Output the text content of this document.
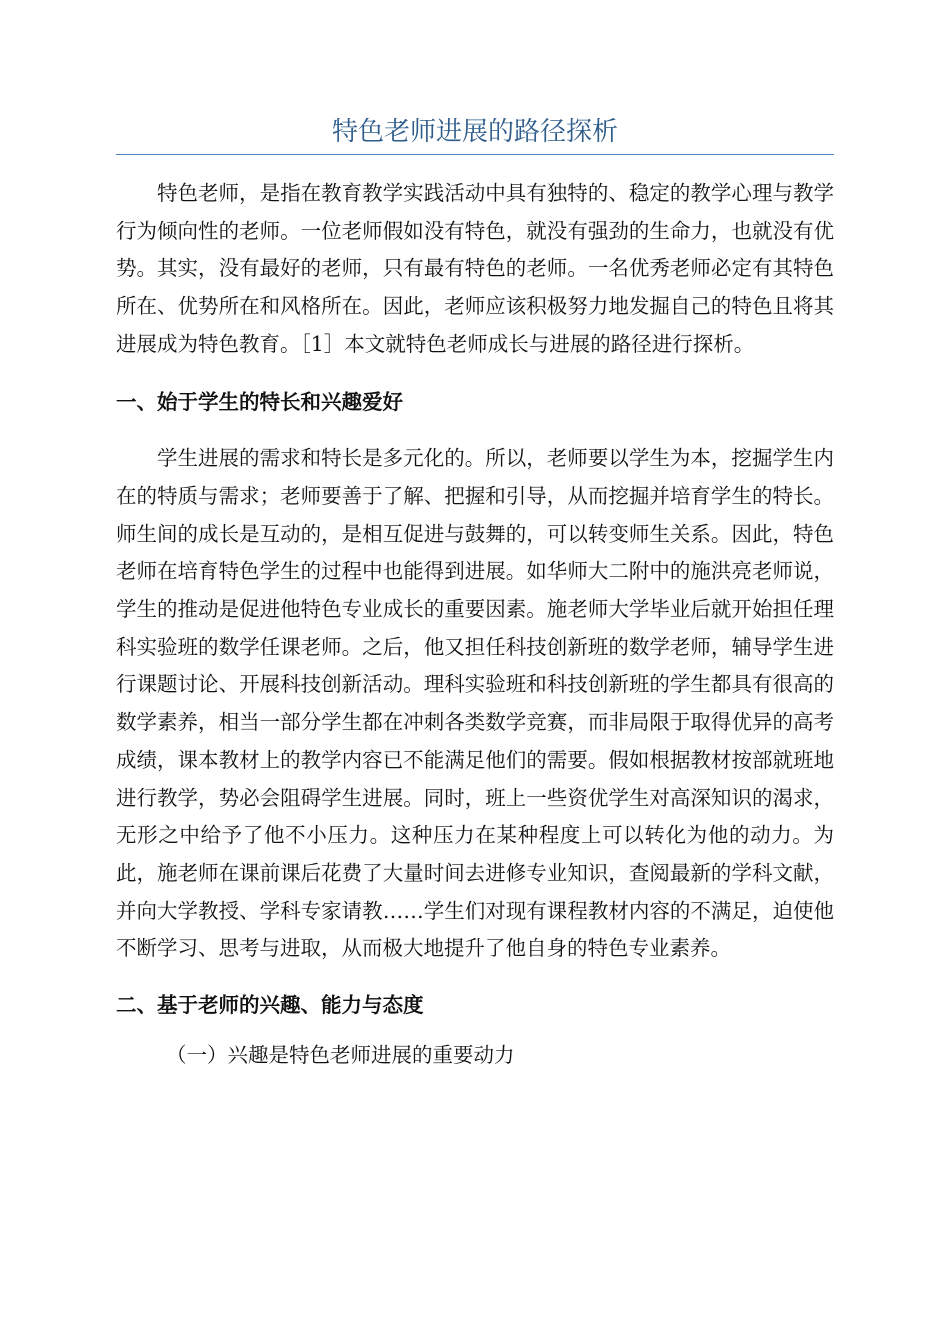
特色老师进展的路径探析

特色老师，是指在教育教学实践活动中具有独特的、稳定的教学心理与教学行为倾向性的老师。一位老师假如没有特色，就没有强劲的生命力，也就没有优势。其实，没有最好的老师，只有最有特色的老师。一名优秀老师必定有其特色所在、优势所在和风格所在。因此，老师应该积极努力地发掘自己的特色且将其进展成为特色教育。［1］本文就特色老师成长与进展的路径进行探析。

一、始于学生的特长和兴趣爱好

学生进展的需求和特长是多元化的。所以，老师要以学生为本，挖掘学生内在的特质与需求；老师要善于了解、把握和引导，从而挖掘并培育学生的特长。师生间的成长是互动的，是相互促进与鼓舞的，可以转变师生关系。因此，特色老师在培育特色学生的过程中也能得到进展。如华师大二附中的施洪亮老师说，学生的推动是促进他特色专业成长的重要因素。施老师大学毕业后就开始担任理科实验班的数学任课老师。之后，他又担任科技创新班的数学老师，辅导学生进行课题讨论、开展科技创新活动。理科实验班和科技创新班的学生都具有很高的数学素养，相当一部分学生都在冲刺各类数学竞赛，而非局限于取得优异的高考成绩，课本教材上的教学内容已不能满足他们的需要。假如根据教材按部就班地进行教学，势必会阻碍学生进展。同时，班上一些资优学生对高深知识的渴求，无形之中给予了他不小压力。这种压力在某种程度上可以转化为他的动力。为此，施老师在课前课后花费了大量时间去进修专业知识，查阅最新的学科文献，并向大学教授、学科专家请教……学生们对现有课程教材内容的不满足，迫使他不断学习、思考与进取，从而极大地提升了他自身的特色专业素养。

二、基于老师的兴趣、能力与态度

（一）兴趣是特色老师进展的重要动力
